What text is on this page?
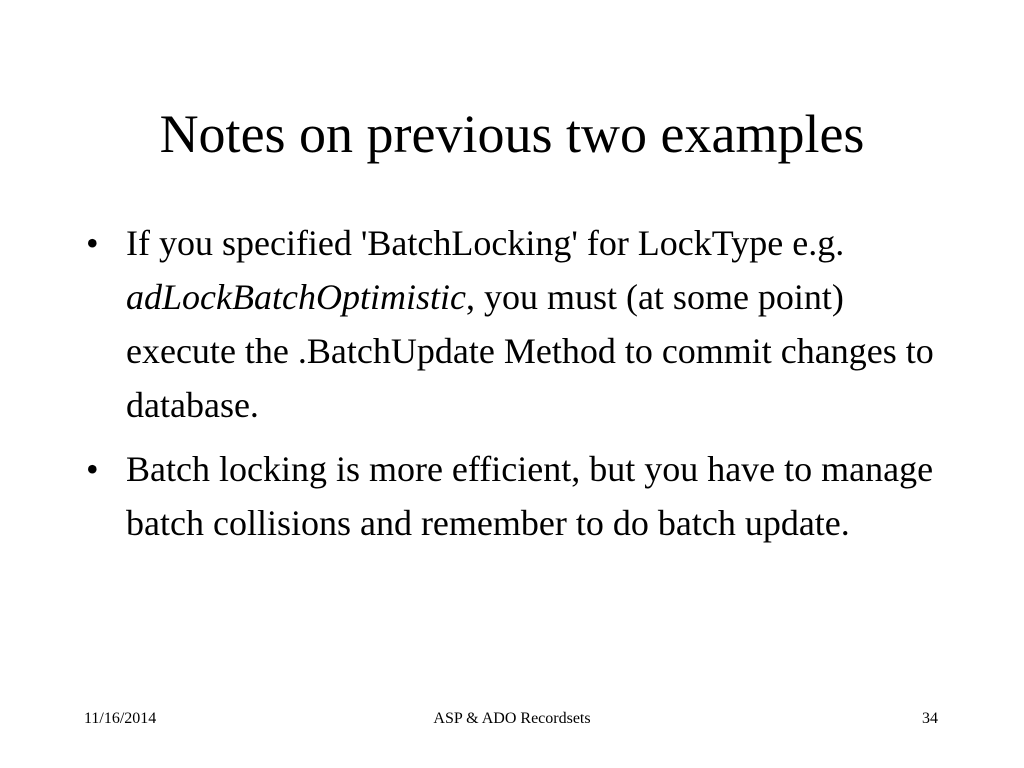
Notes on previous two examples
• If you specified 'BatchLocking' for LockType e.g. adLockBatchOptimistic, you must (at some point) execute the .BatchUpdate Method to commit changes to database.
• Batch locking is more efficient, but you have to manage batch collisions and remember to do batch update.
11/16/2014	ASP & ADO Recordsets	34
